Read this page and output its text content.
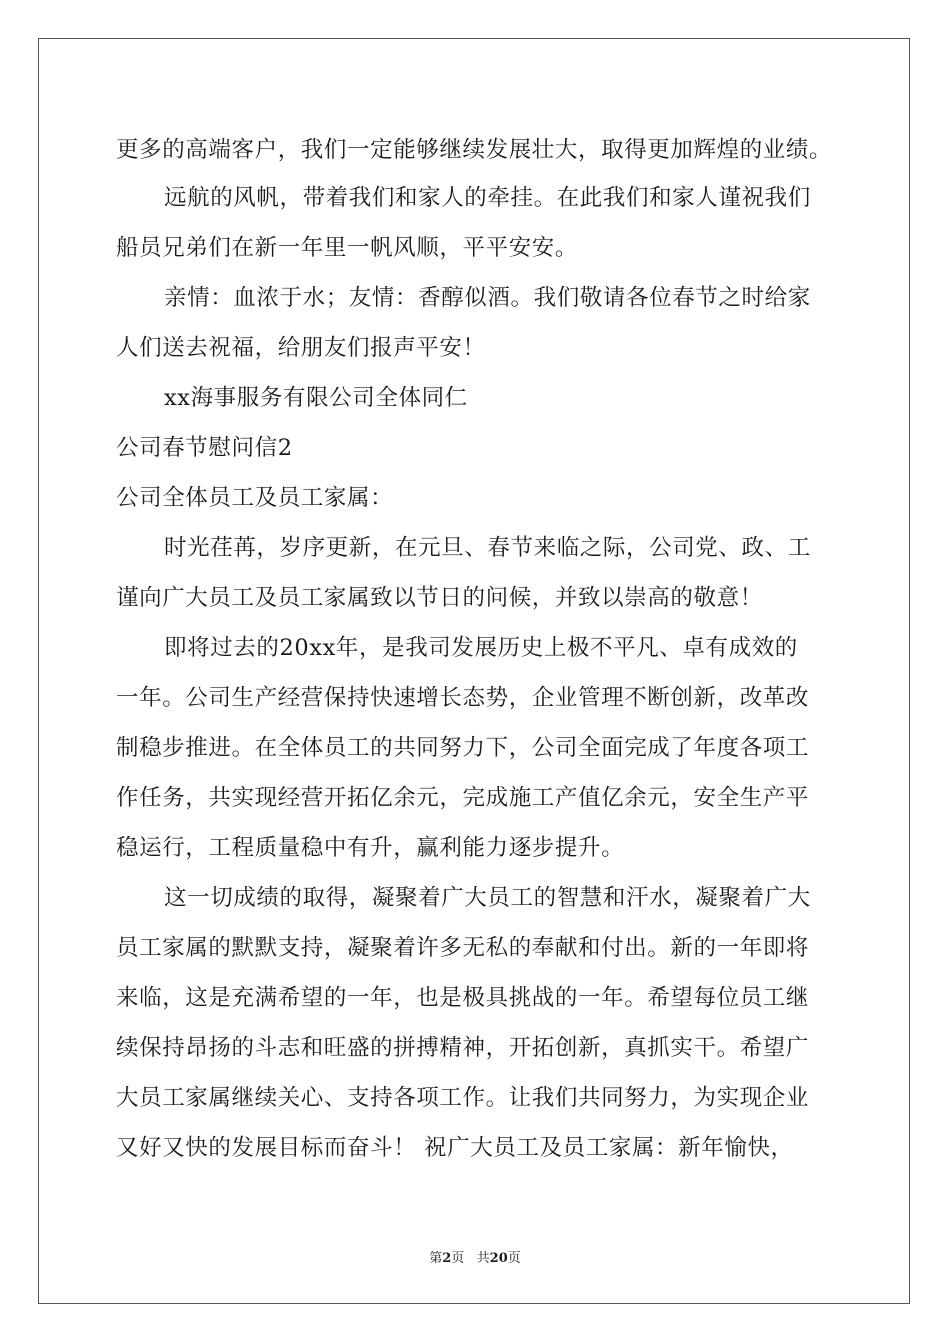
更多的高端客户，我们一定能够继续发展壮大，取得更加辉煌的业绩。
远航的风帆，带着我们和家人的牵挂。在此我们和家人谨祝我们
船员兄弟们在新一年里一帆风顺，平平安安。
亲情：血浓于水；友情：香醇似酒。我们敬请各位春节之时给家
人们送去祝福，给朋友们报声平安！
xx海事服务有限公司全体同仁
公司春节慰问信2
公司全体员工及员工家属：
时光荏苒，岁序更新，在元旦、春节来临之际，公司党、政、工
谨向广大员工及员工家属致以节日的问候，并致以崇高的敬意！
即将过去的20xx年，是我司发展历史上极不平凡、卓有成效的
一年。公司生产经营保持快速增长态势，企业管理不断创新，改革改
制稳步推进。在全体员工的共同努力下，公司全面完成了年度各项工
作任务，共实现经营开拓亿余元，完成施工产值亿余元，安全生产平
稳运行，工程质量稳中有升，赢利能力逐步提升。
这一切成绩的取得，凝聚着广大员工的智慧和汗水，凝聚着广大
员工家属的默默支持，凝聚着许多无私的奉献和付出。新的一年即将
来临，这是充满希望的一年，也是极具挑战的一年。希望每位员工继
续保持昂扬的斗志和旺盛的拼搏精神，开拓创新，真抓实干。希望广
大员工家属继续关心、支持各项工作。让我们共同努力，为实现企业
又好又快的发展目标而奋斗！ 祝广大员工及员工家属：新年愉快，
第2页   共20页
